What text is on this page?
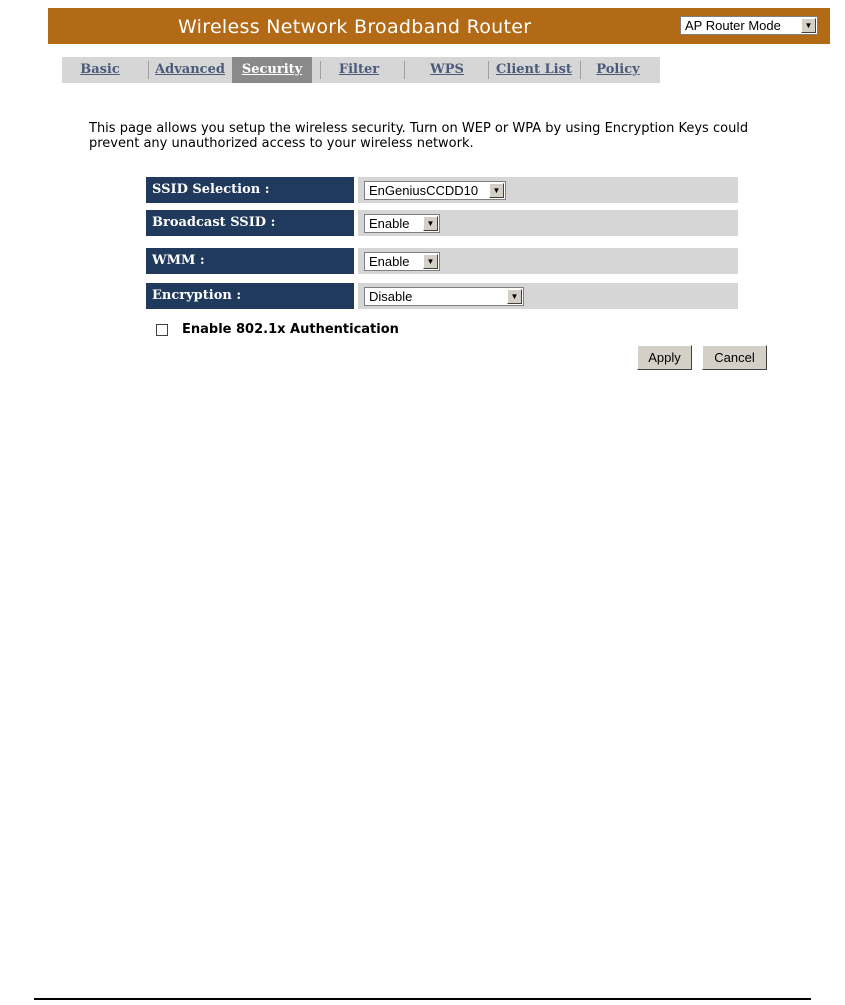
Wireless Network Broadband Router	AP Router Mode	▼
Basic	Advanced	Security	Filter	WPS	Client List	Policy
This page allows you setup the wireless security. Turn on WEP or WPA by using Encryption Keys could prevent any unauthorized access to your wireless network.
SSID Selection :	EnGeniusCCDD10	▼
Broadcast SSID :	Enable	▼
WMM :	Enable	▼
Encryption :	Disable	▼
Enable 802.1x Authentication
Apply	Cancel
